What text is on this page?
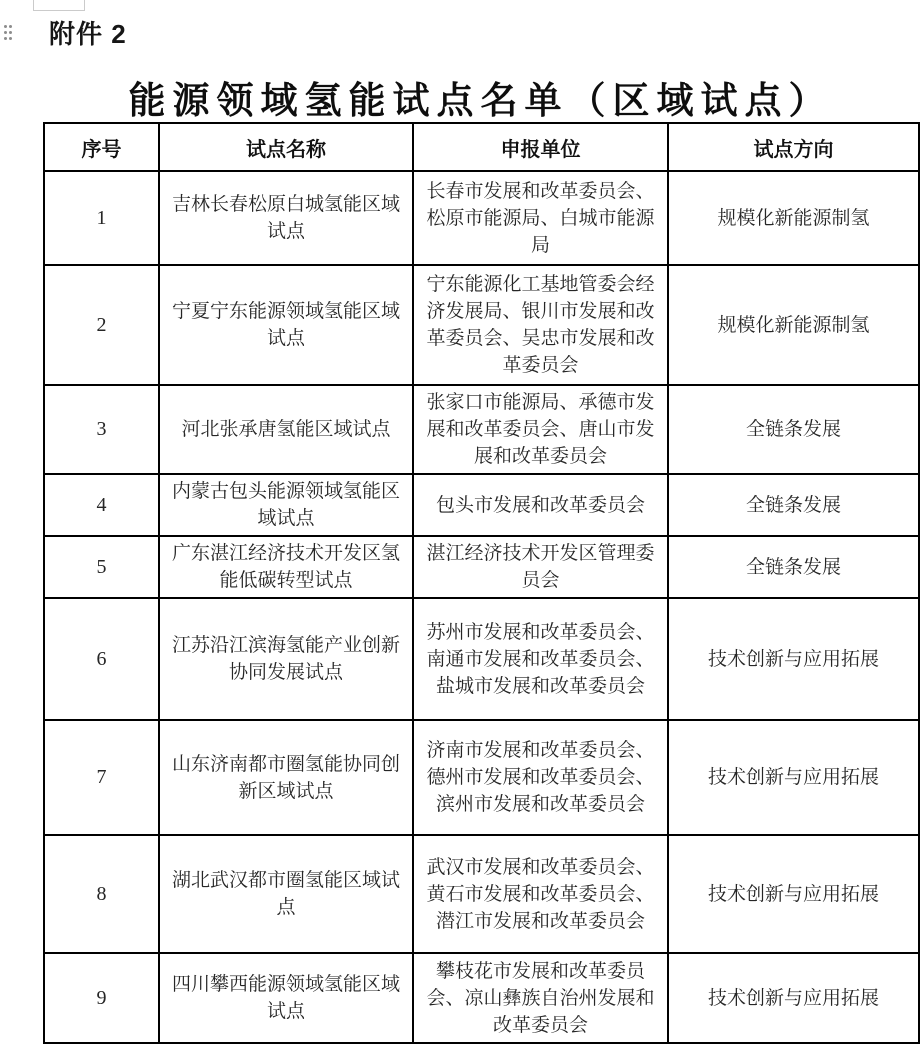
附件 2
能源领域氢能试点名单（区域试点）
序号	试点名称	申报单位	试点方向
1	吉林长春松原白城氢能区域试点	长春市发展和改革委员会、松原市能源局、白城市能源局	规模化新能源制氢
2	宁夏宁东能源领域氢能区域试点	宁东能源化工基地管委会经济发展局、银川市发展和改革委员会、吴忠市发展和改革委员会	规模化新能源制氢
3	河北张承唐氢能区域试点	张家口市能源局、承德市发展和改革委员会、唐山市发展和改革委员会	全链条发展
4	内蒙古包头能源领域氢能区域试点	包头市发展和改革委员会	全链条发展
5	广东湛江经济技术开发区氢能低碳转型试点	湛江经济技术开发区管理委员会	全链条发展
6	江苏沿江滨海氢能产业创新协同发展试点	苏州市发展和改革委员会、南通市发展和改革委员会、盐城市发展和改革委员会	技术创新与应用拓展
7	山东济南都市圈氢能协同创新区域试点	济南市发展和改革委员会、德州市发展和改革委员会、滨州市发展和改革委员会	技术创新与应用拓展
8	湖北武汉都市圈氢能区域试点	武汉市发展和改革委员会、黄石市发展和改革委员会、潜江市发展和改革委员会	技术创新与应用拓展
9	四川攀西能源领域氢能区域试点	攀枝花市发展和改革委员会、凉山彝族自治州发展和改革委员会	技术创新与应用拓展
